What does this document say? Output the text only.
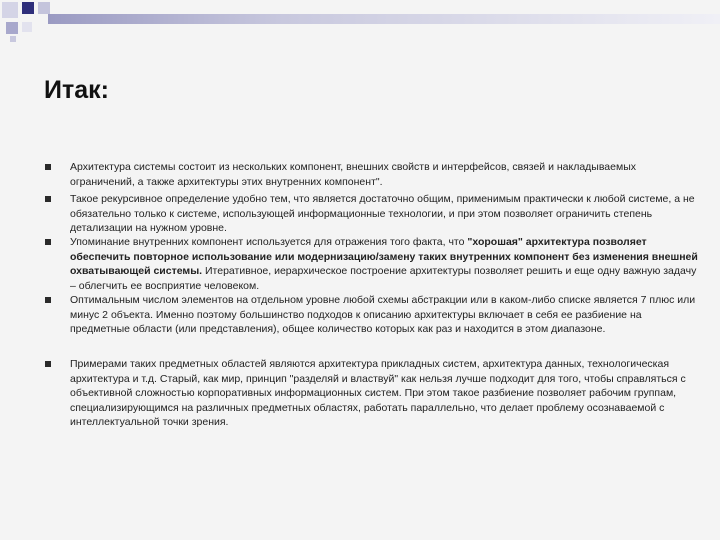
Итак:
Архитектура системы состоит из нескольких компонент, внешних свойств и интерфейсов, связей и накладываемых ограничений, а также архитектуры этих внутренних компонент".
Такое рекурсивное определение удобно тем, что является достаточно общим, применимым практически к любой системе, а не обязательно только к системе, использующей информационные технологии, и при этом позволяет ограничить степень детализации на нужном уровне.
Упоминание внутренних компонент используется для отражения того факта, что "хорошая" архитектура позволяет обеспечить повторное использование или модернизацию/замену таких внутренних компонент без изменения внешней охватывающей системы. Итеративное, иерархическое построение архитектуры позволяет решить и еще одну важную задачу – облегчить ее восприятие человеком.
Оптимальным числом элементов на отдельном уровне любой схемы абстракции или в каком-либо списке является 7 плюс или минус 2 объекта. Именно поэтому большинство подходов к описанию архитектуры включает в себя ее разбиение на предметные области (или представления), общее количество которых как раз и находится в этом диапазоне.
Примерами таких предметных областей являются архитектура прикладных систем, архитектура данных, технологическая архитектура и т.д. Старый, как мир, принцип "разделяй и властвуй" как нельзя лучше подходит для того, чтобы справляться с объективной сложностью корпоративных информационных систем. При этом такое разбиение позволяет рабочим группам, специализирующимся на различных предметных областях, работать параллельно, что делает проблему осознаваемой с интеллектуальной точки зрения.
